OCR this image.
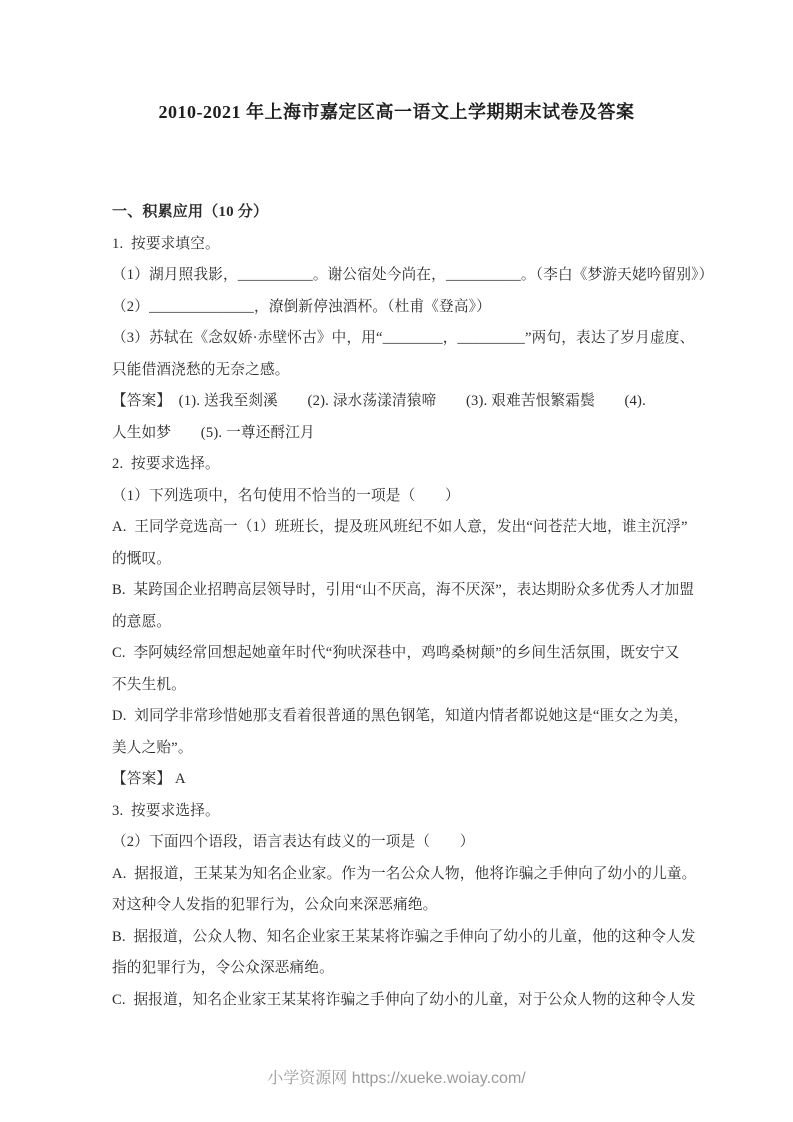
2010-2021 年上海市嘉定区高一语文上学期期末试卷及答案

一、积累应用（10 分）

1.  按要求填空。

（1）湖月照我影，__________。谢公宿处今尚在，__________。（李白《梦游天姥吟留别》）

（2）______________，潦倒新停浊酒杯。（杜甫《登高》）

（3）苏轼在《念奴娇·赤壁怀古》中，用“________，_________”两句，表达了岁月虚度、

只能借酒浇愁的无奈之感。

【答案】　(1). 送我至剡溪　　(2). 渌水荡漾清猿啼　　(3). 艰难苦恨繁霜鬓　　(4).

人生如梦　　(5). 一尊还酹江月

2.  按要求选择。

（1）下列选项中，名句使用不恰当的一项是（　　）

A.  王同学竞选高一（1）班班长，提及班风班纪不如人意，发出“问苍茫大地，谁主沉浮”

的慨叹。

B.  某跨国企业招聘高层领导时，引用“山不厌高，海不厌深”，表达期盼众多优秀人才加盟

的意愿。

C.  李阿姨经常回想起她童年时代“狗吠深巷中，鸡鸣桑树颠”的乡间生活氛围，既安宁又

不失生机。

D.  刘同学非常珍惜她那支看着很普通的黑色钢笔，知道内情者都说她这是“匪女之为美，

美人之贻”。

【答案】 A

3.  按要求选择。

（2）下面四个语段，语言表达有歧义的一项是（　　）

A.  据报道，王某某为知名企业家。作为一名公众人物，他将诈骗之手伸向了幼小的儿童。

对这种令人发指的犯罪行为，公众向来深恶痛绝。

B.  据报道，公众人物、知名企业家王某某将诈骗之手伸向了幼小的儿童，他的这种令人发

指的犯罪行为，令公众深恶痛绝。

C.  据报道，知名企业家王某某将诈骗之手伸向了幼小的儿童，对于公众人物的这种令人发

小学资源网 https://xueke.woiay.com/
